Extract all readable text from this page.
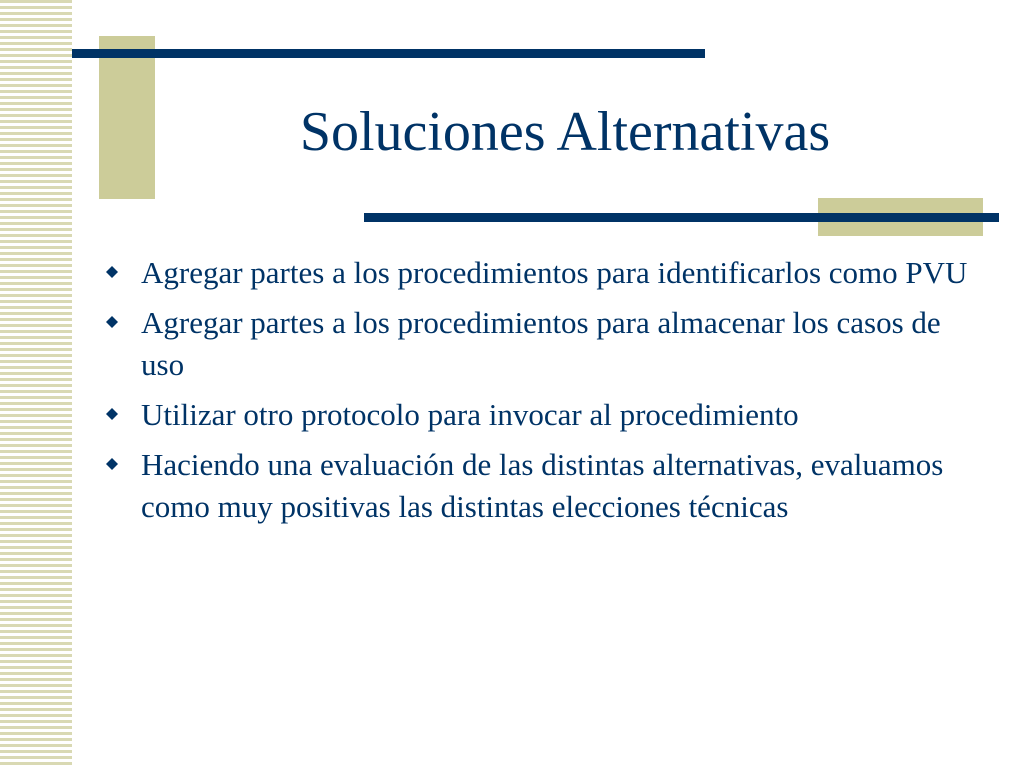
Soluciones Alternativas
Agregar partes a los procedimientos para identificarlos como PVU
Agregar partes a los procedimientos para almacenar los casos de uso
Utilizar otro protocolo para invocar al procedimiento
Haciendo una evaluación de las distintas alternativas, evaluamos como muy positivas las distintas elecciones técnicas
